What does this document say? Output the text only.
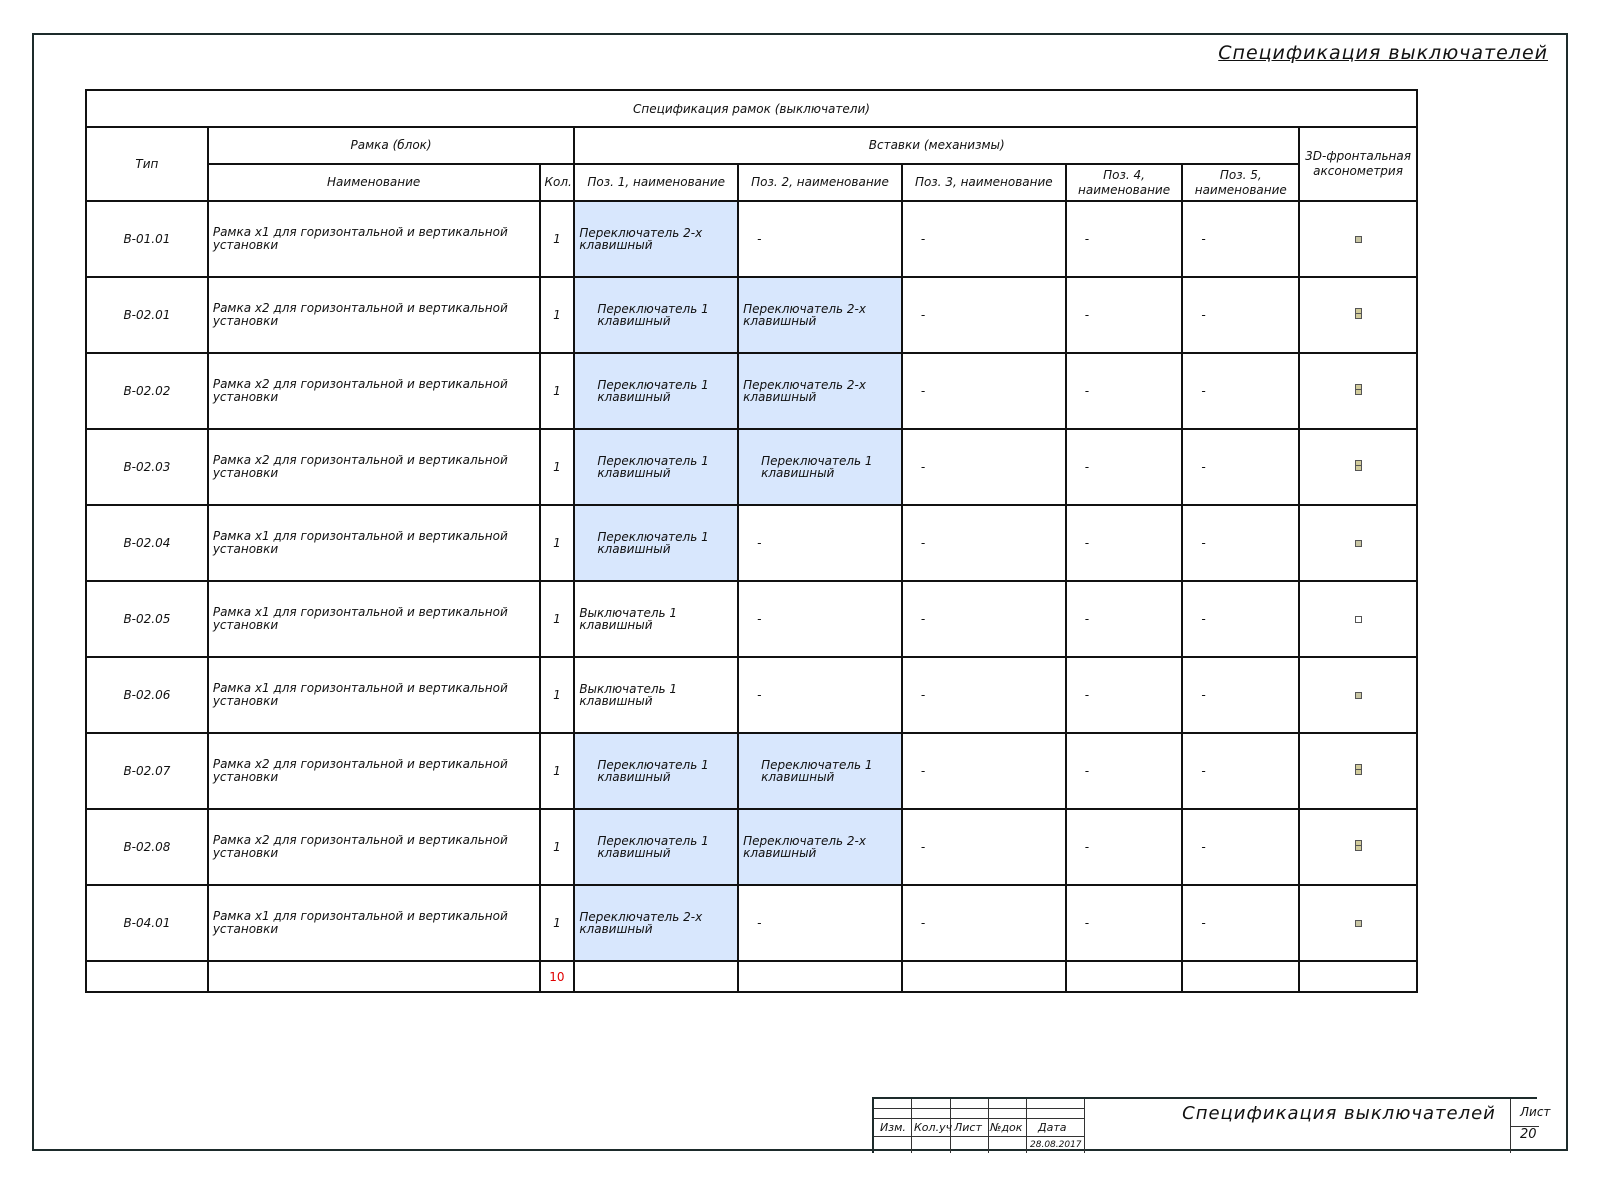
Спецификация выключателей
Спецификация рамок (выключатели)								
Тип	Рамка (блок)		Вставки (механизмы)					3D-фронтальная аксонометрия
	Наименование	Кол.	Поз. 1, наименование	Поз. 2, наименование	Поз. 3, наименование	Поз. 4, наименование	Поз. 5, наименование	
В-01.01	Рамка х1 для горизонтальной и вертикальной установки	1	Переключатель 2-х клавишный	-	-	-	-	
В-02.01	Рамка х2 для горизонтальной и вертикальной установки	1	Переключатель 1 клавишный	Переключатель 2-х клавишный	-	-	-	
В-02.02	Рамка х2 для горизонтальной и вертикальной установки	1	Переключатель 1 клавишный	Переключатель 2-х клавишный	-	-	-	
В-02.03	Рамка х2 для горизонтальной и вертикальной установки	1	Переключатель 1 клавишный	Переключатель 1 клавишный	-	-	-	
В-02.04	Рамка х1 для горизонтальной и вертикальной установки	1	Переключатель 1 клавишный	-	-	-	-	
В-02.05	Рамка х1 для горизонтальной и вертикальной установки	1	Выключатель 1 клавишный	-	-	-	-	
В-02.06	Рамка х1 для горизонтальной и вертикальной установки	1	Выключатель 1 клавишный	-	-	-	-	
В-02.07	Рамка х2 для горизонтальной и вертикальной установки	1	Переключатель 1 клавишный	Переключатель 1 клавишный	-	-	-	
В-02.08	Рамка х2 для горизонтальной и вертикальной установки	1	Переключатель 1 клавишный	Переключатель 2-х клавишный	-	-	-	
В-04.01	Рамка х1 для горизонтальной и вертикальной установки	1	Переключатель 2-х клавишный	-	-	-	-	
		10						
Изм. Кол.уч Лист №док Дата
28.08.2017
Спецификация выключателей	Лист
20
